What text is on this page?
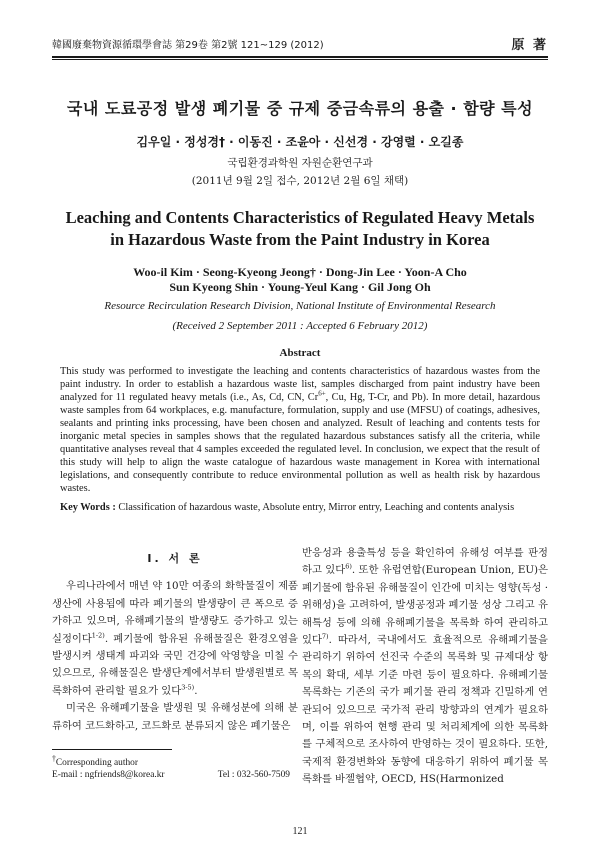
韓國廢棄物資源循環學會誌 第29卷 第2號 121~129 (2012)	原 著
국내 도료공정 발생 폐기물 중 규제 중금속류의 용출 · 함량 특성
김우일 · 정성경† · 이동진 · 조윤아 · 신선경 · 강영렬 · 오길종
국립환경과학원 자원순환연구과
(2011년 9월 2일 접수, 2012년 2월 6일 채택)
Leaching and Contents Characteristics of Regulated Heavy Metals
in Hazardous Waste from the Paint Industry in Korea
Woo-il Kim · Seong-Kyeong Jeong† · Dong-Jin Lee · Yoon-A Cho
Sun Kyeong Shin · Young-Yeul Kang · Gil Jong Oh
Resource Recirculation Research Division, National Institute of Environmental Research
(Received 2 September 2011 : Accepted 6 February 2012)
Abstract
This study was performed to investigate the leaching and contents characteristics of hazardous wastes from the paint industry. In order to establish a hazardous waste list, samples discharged from paint industry have been analyzed for 11 regulated heavy metals (i.e., As, Cd, CN, $Cr^{6+}$, Cu, Hg, T-Cr, and Pb). In more detail, hazardous waste samples from 64 workplaces, e.g. manufacture, formulation, supply and use (MFSU) of coatings, adhesives, sealants and printing inks processing, have been chosen and analyzed. Result of leaching and contents tests for inorganic metal species in samples shows that the regulated hazardous substances satisfy all the criteria, while quantitative analyses reveal that 4 samples exceeded the regulated level. In conclusion, we expect that the result of this study will help to align the waste catalogue of hazardous waste management in Korea with international legislations, and consequently contribute to reduce environmental pollution as well as health risk by hazardous wastes.
Key Words : Classification of hazardous waste, Absolute entry, Mirror entry, Leaching and contents analysis
I. 서 론

우리나라에서 매년 약 10만 여종의 화학물질이 제품 생산에 사용됨에 따라 폐기물의 발생량이 큰 폭으로 증가하고 있으며, 유해폐기물의 발생량도 증가하고 있는 실정이다$^{1-2)}$. 폐기물에 함유된 유해물질은 환경오염을 발생시켜 생태계 파괴와 국민 건강에 악영향을 미칠 수 있으므로, 유해물질은 발생단계에서부터 발생원별로 목록화하여 관리할 필요가 있다$^{3-5)}$.

미국은 유해폐기물을 발생원 및 유해성분에 의해 분류하여 코드화하고, 코드화로 분류되지 않은 폐기물은

반응성과 용출특성 등을 확인하여 유해성 여부를 판정하고 있다$^{6)}$. 또한 유럽연합(European Union, EU)은 폐기물에 함유된 유해물질이 인간에 미치는 영향(독성 · 위해성)을 고려하여, 발생공정과 폐기물 성상 그리고 유해특성 등에 의해 유해폐기물을 목록화 하여 관리하고 있다$^{7)}$. 따라서, 국내에서도 효율적으로 유해폐기물을 관리하기 위하여 선진국 수준의 목록화 및 규제대상 항목의 확대, 세부 기준 마련 등이 필요하다. 유해폐기물 목록화는 기존의 국가 폐기물 관리 정책과 긴밀하게 연관되어 있으므로 국가적 관리 방향과의 연계가 필요하며, 이를 위하여 현행 관리 및 처리체계에 의한 목록화를 구체적으로 조사하여 반영하는 것이 필요하다. 또한, 국제적 환경변화와 동향에 대응하기 위하여 폐기물 목록화를 바젤협약, OECD, HS(Harmonized

†Corresponding author
E-mail : ngfriends8@korea.kr	Tel : 032-560-7509
121
